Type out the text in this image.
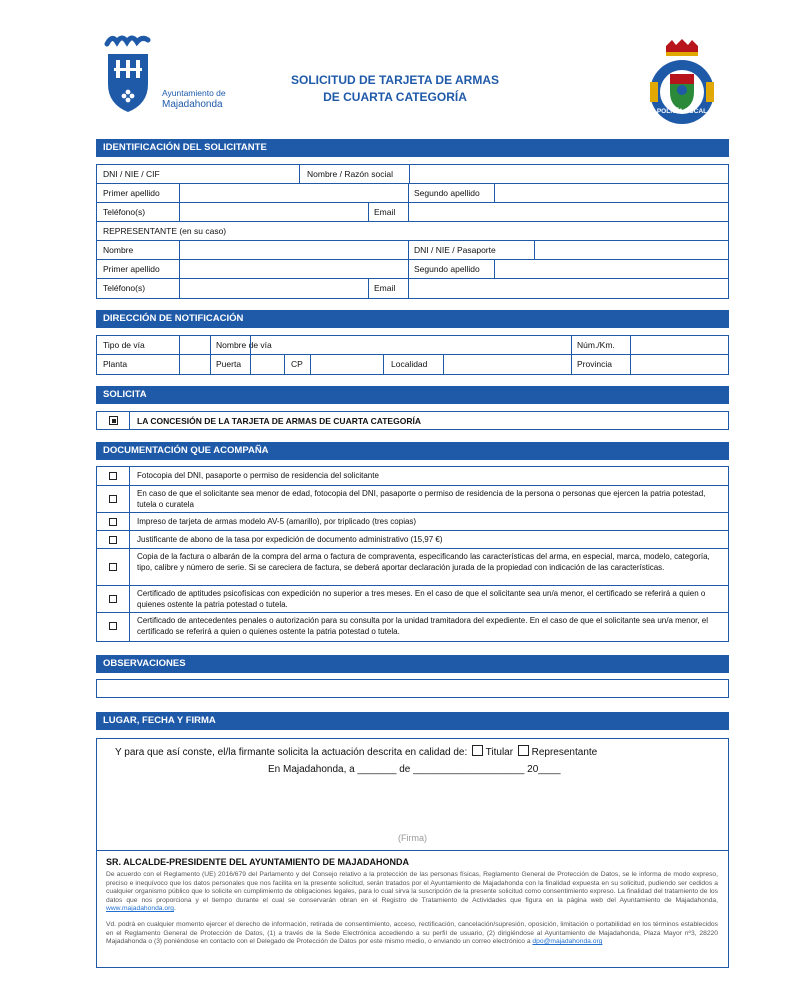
Ayuntamiento de
Majadahonda
SOLICITUD DE TARJETA DE ARMAS
DE CUARTA CATEGORÍA
POLICÍA LOCAL
IDENTIFICACIÓN DEL SOLICITANTE
DNI / NIE / CIF	Nombre / Razón social
Primer apellido	Segundo apellido
Teléfono(s)	Email
REPRESENTANTE (en su caso)
Nombre	DNI / NIE / Pasaporte
Primer apellido	Segundo apellido
Teléfono(s)	Email
DIRECCIÓN DE NOTIFICACIÓN
Tipo de vía	Nombre de vía	Núm./Km.
Planta	Puerta	CP	Localidad	Provincia
SOLICITA
LA CONCESIÓN DE LA TARJETA DE ARMAS DE CUARTA CATEGORÍA
DOCUMENTACIÓN QUE ACOMPAÑA
Fotocopia del DNI, pasaporte o permiso de residencia del solicitante
En caso de que el solicitante sea menor de edad, fotocopia del DNI, pasaporte o permiso de residencia de la persona o personas que ejercen la patria potestad, tutela o curatela
Impreso de tarjeta de armas modelo AV-5 (amarillo), por triplicado (tres copias)
Justificante de abono de la tasa por expedición de documento administrativo (15,97 €)
Copia de la factura o albarán de la compra del arma o factura de compraventa, especificando las características del arma, en especial, marca, modelo, categoría, tipo, calibre y número de serie. Si se careciera de factura, se deberá aportar declaración jurada de la propiedad con indicación de las características.
Certificado de aptitudes psicofísicas con expedición no superior a tres meses. En el caso de que el solicitante sea un/a menor, el certificado se referirá a quien o quienes ostente la patria potestad o tutela.
Certificado de antecedentes penales o autorización para su consulta por la unidad tramitadora del expediente. En el caso de que el solicitante sea un/a menor, el certificado se referirá a quien o quienes ostente la patria potestad o tutela.
OBSERVACIONES
LUGAR, FECHA Y FIRMA
Y para que así conste, el/la firmante solicita la actuación descrita en calidad de: Titular Representante
En Majadahonda, a _______ de ____________________ 20____
(Firma)
SR. ALCALDE-PRESIDENTE DEL AYUNTAMIENTO DE MAJADAHONDA
De acuerdo con el Reglamento (UE) 2016/679 del Parlamento y del Consejo relativo a la protección de las personas físicas, Reglamento General de Protección de Datos, se le informa de modo expreso, preciso e inequívoco que los datos personales que nos facilita en la presente solicitud, serán tratados por el Ayuntamiento de Majadahonda con la finalidad expuesta en su solicitud, pudiendo ser cedidos a cualquier organismo público que lo solicite en cumplimiento de obligaciones legales, para lo cual sirva la suscripción de la presente solicitud como consentimiento expreso. La finalidad del tratamiento de los datos que nos proporciona y el tiempo durante el cual se conservarán obran en el Registro de Tratamiento de Actividades que figura en la página web del Ayuntamiento de Majadahonda, www.majadahonda.org.
Vd. podrá en cualquier momento ejercer el derecho de información, retirada de consentimiento, acceso, rectificación, cancelación/supresión, oposición, limitación o portabilidad en los términos establecidos en el Reglamento General de Protección de Datos, (1) a través de la Sede Electrónica accediendo a su perfil de usuario, (2) dirigiéndose al Ayuntamiento de Majadahonda, Plaza Mayor nº3, 28220 Majadahonda o (3) poniéndose en contacto con el Delegado de Protección de Datos por este mismo medio, o enviando un correo electrónico a dpo@majadahonda.org
